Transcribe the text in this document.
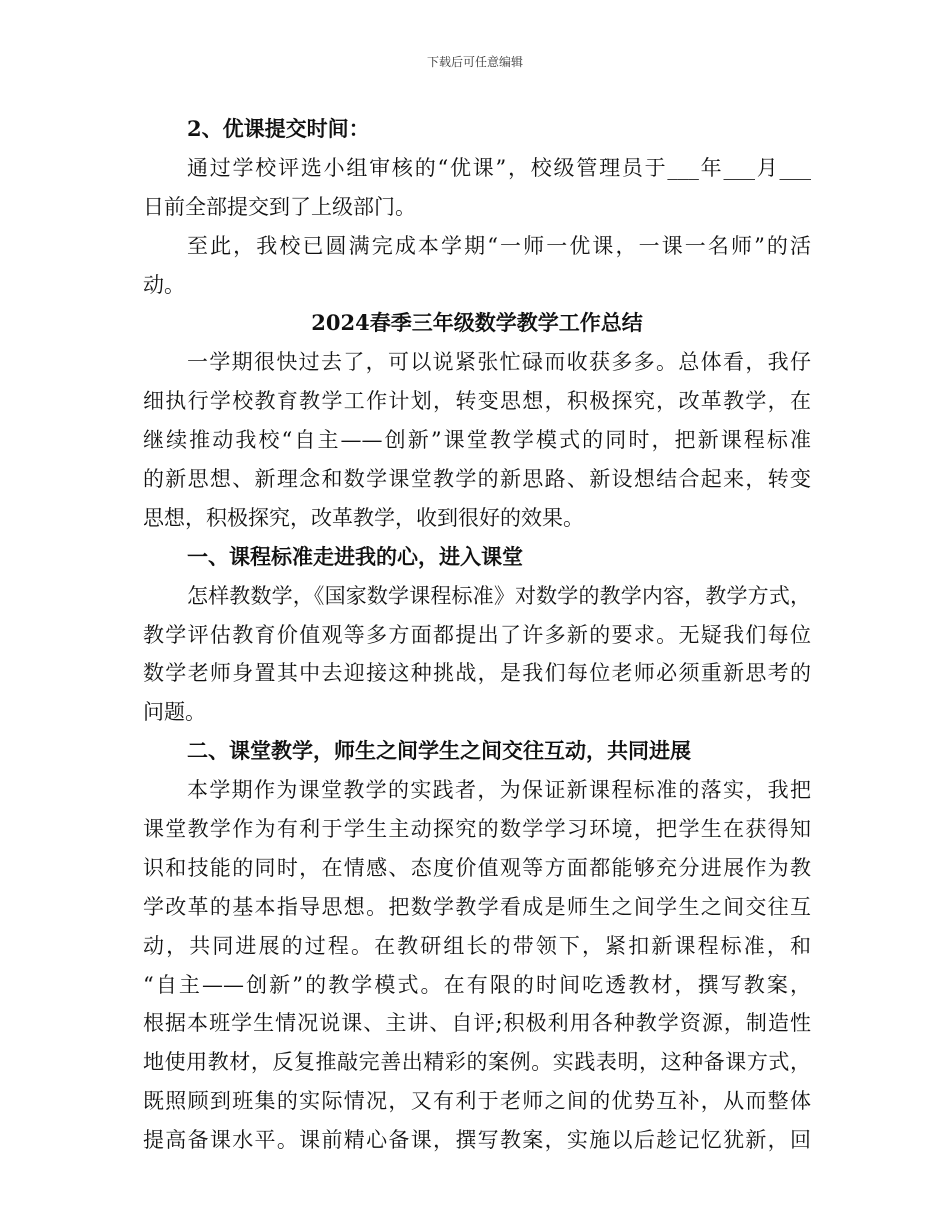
下载后可任意编辑
2、优课提交时间：
通过学校评选小组审核的“优课”，校级管理员于___年___月___
日前全部提交到了上级部门。
至此，我校已圆满完成本学期“一师一优课，一课一名师”的活
动。
2024春季三年级数学教学工作总结
一学期很快过去了，可以说紧张忙碌而收获多多。总体看，我仔
细执行学校教育教学工作计划，转变思想，积极探究，改革教学，在
继续推动我校“自主——创新”课堂教学模式的同时，把新课程标准
的新思想、新理念和数学课堂教学的新思路、新设想结合起来，转变
思想，积极探究，改革教学，收到很好的效果。
一、课程标准走进我的心，进入课堂
怎样教数学，《国家数学课程标准》对数学的教学内容，教学方式，
教学评估教育价值观等多方面都提出了许多新的要求。无疑我们每位
数学老师身置其中去迎接这种挑战，是我们每位老师必须重新思考的
问题。
二、课堂教学，师生之间学生之间交往互动，共同进展
本学期作为课堂教学的实践者，为保证新课程标准的落实，我把
课堂教学作为有利于学生主动探究的数学学习环境，把学生在获得知
识和技能的同时，在情感、态度价值观等方面都能够充分进展作为教
学改革的基本指导思想。把数学教学看成是师生之间学生之间交往互
动，共同进展的过程。在教研组长的带领下，紧扣新课程标准，和
“自主——创新”的教学模式。在有限的时间吃透教材，撰写教案，
根据本班学生情况说课、主讲、自评;积极利用各种教学资源，制造性
地使用教材，反复推敲完善出精彩的案例。实践表明，这种备课方式，
既照顾到班集的实际情况，又有利于老师之间的优势互补，从而整体
提高备课水平。课前精心备课，撰写教案，实施以后趁记忆犹新，回
